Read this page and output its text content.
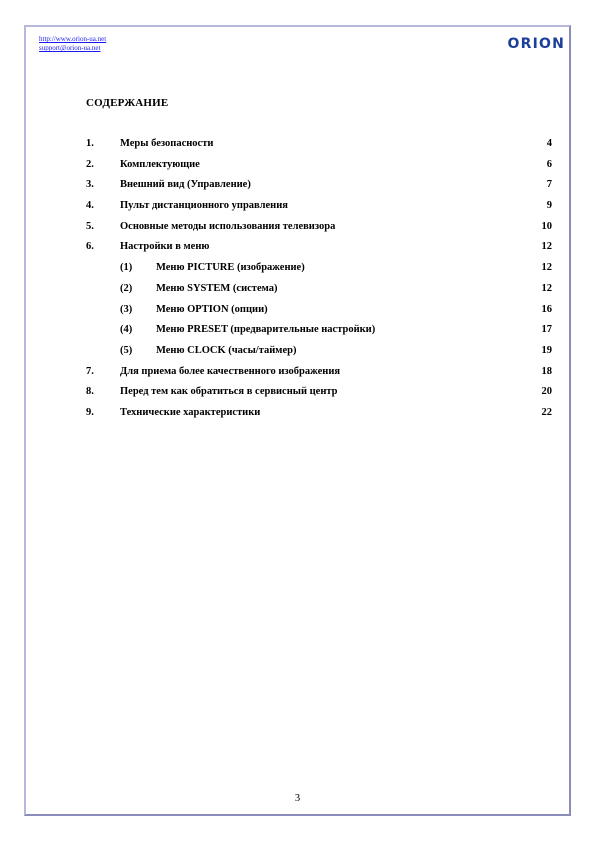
http://www.orion-ua.net
support@orion-ua.net	ORION
СОДЕРЖАНИЕ
1. Меры безопасности	4
2. Комплектующие	6
3. Внешний вид (Управление)	7
4. Пульт дистанционного управления	9
5. Основные методы использования телевизора	10
6. Настройки в меню	12
(1) Меню PICTURE (изображение)	12
(2) Меню SYSTEM (система)	12
(3) Меню OPTION (опции)	16
(4) Меню PRESET (предварительные настройки)	17
(5) Меню CLOCK (часы/таймер)	19
7. Для приема более качественного изображения	18
8. Перед тем как обратиться в сервисный центр	20
9. Технические характеристики	22
3
